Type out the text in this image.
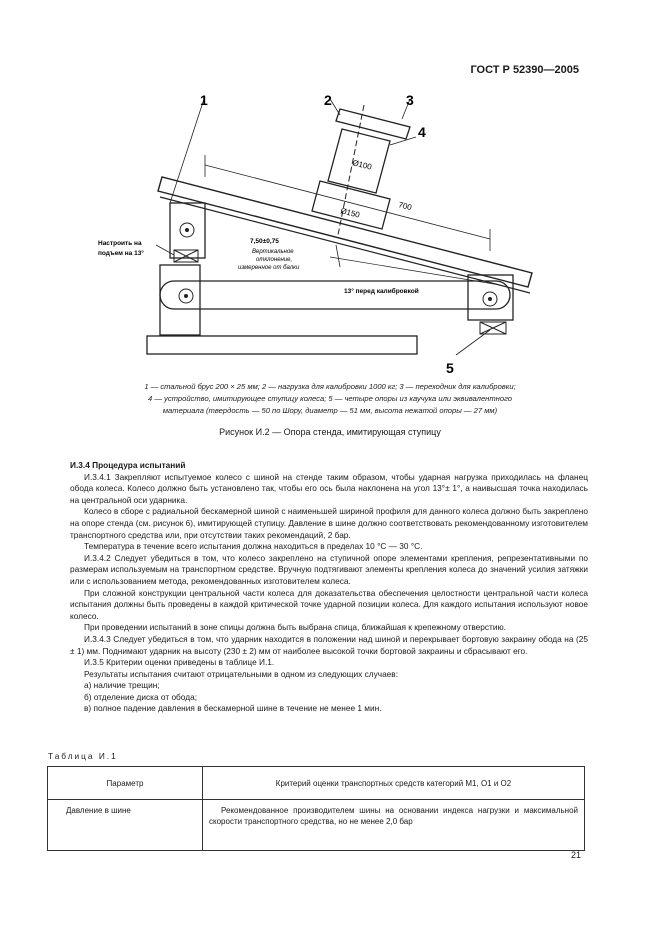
ГОСТ Р 52390—2005
1	2	3
4
5
Ø100
Ø150
700
Настроить на
подъем на 13°
7,50±0,75
Вертикальное
отклонение,
измеренное от балки
13° перед калибровкой
1 — стальной брус 200 × 25 мм; 2 — нагрузка для калибровки 1000 кг; 3 — переходник для калибровки;
4 — устройство, имитирующее ступицу колеса; 5 — четыре опоры из каучука или эквивалентного
материала (твердость — 50 по Шору, диаметр — 51 мм, высота нежатой опоры — 27 мм)
Рисунок И.2 — Опора стенда, имитирующая ступицу

И.3.4 Процедура испытаний

И.3.4.1 Закрепляют испытуемое колесо с шиной на стенде таким образом, чтобы ударная нагрузка приходилась на фланец обода колеса. Колесо должно быть установлено так, чтобы его ось была наклонена на угол 13°± 1°, а наивысшая точка находилась на центральной оси ударника.

Колесо в сборе с радиальной бескамерной шиной с наименьшей шириной профиля для данного колеса должно быть закреплено на опоре стенда (см. рисунок 6), имитирующей ступицу. Давление в шине должно соответствовать рекомендованному изготовителем транспортного средства или, при отсутствии таких рекомендаций, 2 бар.

Температура в течение всего испытания должна находиться в пределах 10 °С — 30 °С.

И.3.4.2 Следует убедиться в том, что колесо закреплено на ступичной опоре элементами крепления, репрезентативными по размерам используемым на транспортном средстве. Вручную подтягивают элементы крепления колеса до значений усилия затяжки или с использованием метода, рекомендованных изготовителем колеса.

При сложной конструкции центральной части колеса для доказательства обеспечения целостности центральной части колеса испытания должны быть проведены в каждой критической точке ударной позиции колеса. Для каждого испытания используют новое колесо.

При проведении испытаний в зоне спицы должна быть выбрана спица, ближайшая к крепежному отверстию.

И.3.4.3 Следует убедиться в том, что ударник находится в положении над шиной и перекрывает бортовую закраину обода на (25 ± 1) мм. Поднимают ударник на высоту (230 ± 2) мм от наиболее высокой точки бортовой закраины и сбрасывают его.

И.3.5 Критерии оценки приведены в таблице И.1.

Результаты испытания считают отрицательными в одном из следующих случаев:

а) наличие трещин;

б) отделение диска от обода;

в) полное падение давления в бескамерной шине в течение не менее 1 мин.

Таблица И.1
Параметр	Критерий оценки транспортных средств категорий M1, O1 и O2
Давление в шине	Рекомендованное производителем шины на основании индекса нагрузки и максимальной скорости транспортного средства, но не менее 2,0 бар
21
